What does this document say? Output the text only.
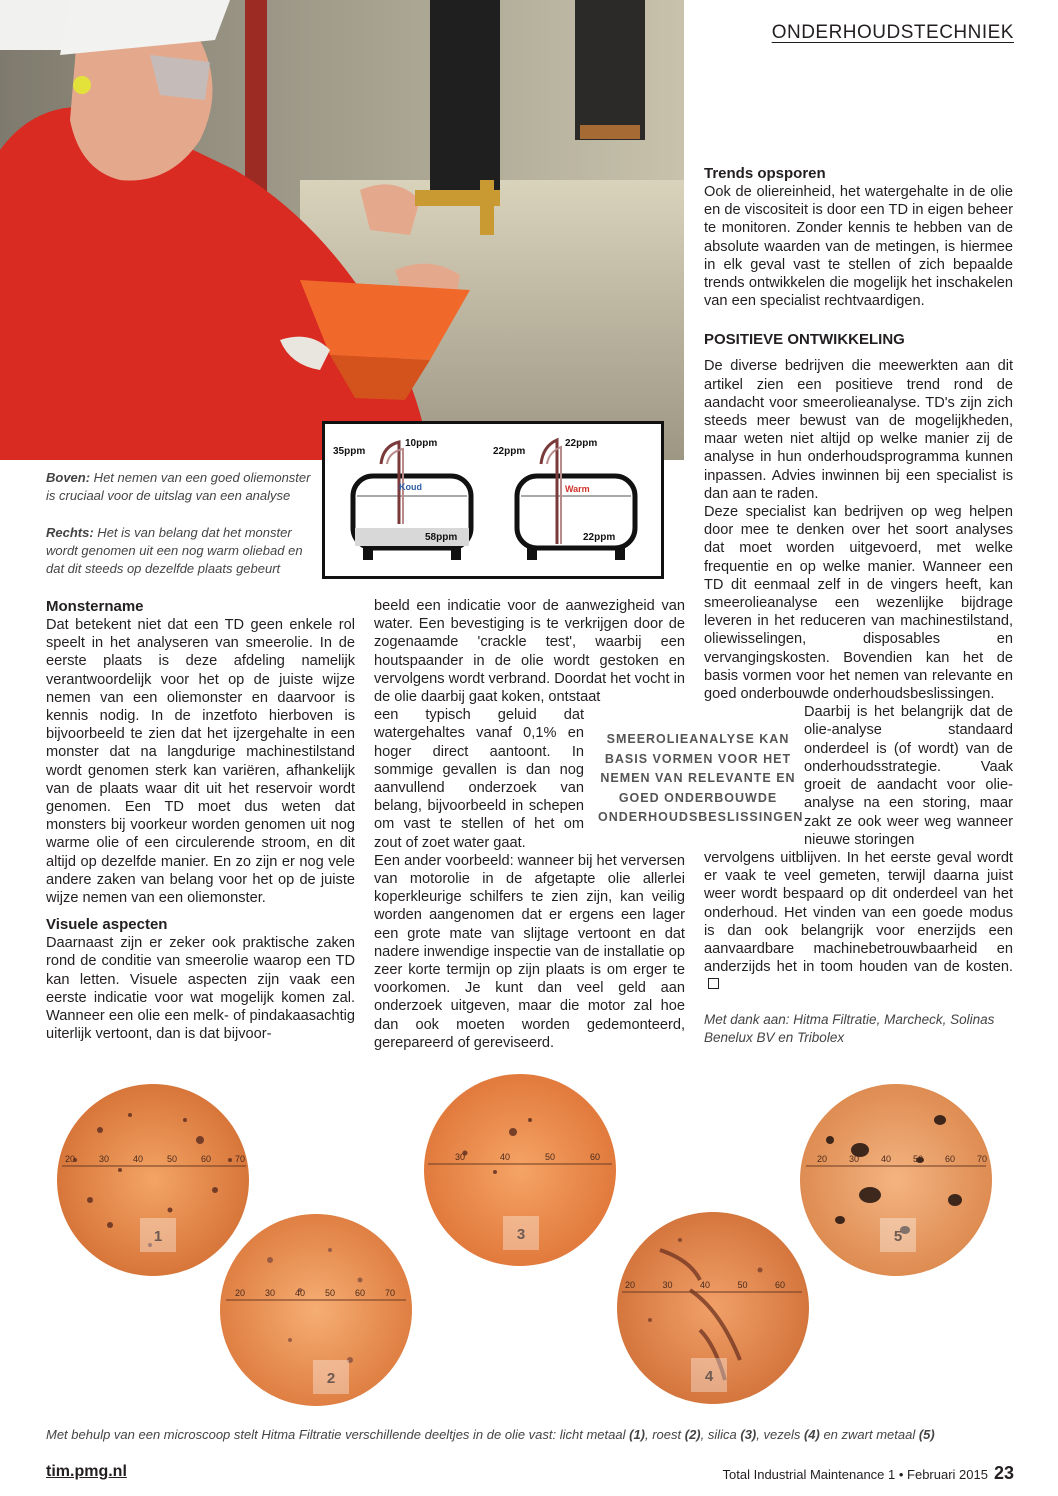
ONDERHOUDSTECHNIEK
Boven: Het nemen van een goed oliemonster is cruciaal voor de uitslag van een analyse
Rechts: Het is van belang dat het monster wordt genomen uit een nog warm oliebad en dat dit steeds op dezelfde plaats gebeurt
35ppm
10ppm
Koud
58ppm
22ppm
22ppm
Warm
22ppm
Monstername

Dat betekent niet dat een TD geen enkele rol speelt in het analyseren van smeerolie. In de eerste plaats is deze afdeling namelijk verantwoordelijk voor het op de juiste wijze nemen van een oliemonster en daarvoor is kennis nodig. In de inzetfoto hierboven is bijvoorbeeld te zien dat het ijzergehalte in een monster dat na langdurige machinestilstand wordt genomen sterk kan variëren, afhankelijk van de plaats waar dit uit het reservoir wordt genomen. Een TD moet dus weten dat monsters bij voorkeur worden genomen uit nog warme olie of een circulerende stroom, en dit altijd op dezelfde manier. En zo zijn er nog vele andere zaken van belang voor het op de juiste wijze nemen van een oliemonster.

Visuele aspecten

Daarnaast zijn er zeker ook praktische zaken rond de conditie van smeerolie waarop een TD kan letten. Visuele aspecten zijn vaak een eerste indicatie voor wat mogelijk komen zal. Wanneer een olie een melk- of pindakaasachtig uiterlijk vertoont, dan is dat bijvoor-

beeld een indicatie voor de aanwezigheid van water. Een bevestiging is te verkrijgen door de zogenaamde 'crackle test', waarbij een houtspaander in de olie wordt gestoken en vervolgens wordt verbrand. Doordat het vocht in de olie daarbij gaat koken, ontstaat

een typisch geluid dat watergehaltes vanaf 0,1% en hoger direct aantoont. In sommige gevallen is dan nog aanvullend onderzoek van belang, bijvoorbeeld in schepen om vast te stellen of het om zout of zoet water gaat.

Een ander voorbeeld: wanneer bij het verversen van motorolie in de afgetapte olie allerlei koperkleurige schilfers te zien zijn, kan veilig worden aangenomen dat er ergens een lager een grote mate van slijtage vertoont en dat nadere inwendige inspectie van de installatie op zeer korte termijn op zijn plaats is om erger te voorkomen. Je kunt dan veel geld aan onderzoek uitgeven, maar die motor zal hoe dan ook moeten worden gedemonteerd, gerepareerd of gereviseerd.

SMEEROLIEANALYSE KAN BASIS VORMEN VOOR HET NEMEN VAN RELEVANTE EN GOED ONDERBOUWDE ONDERHOUDSBESLISSINGEN
Trends opsporen

Ook de oliereinheid, het watergehalte in de olie en de viscositeit is door een TD in eigen beheer te monitoren. Zonder kennis te hebben van de absolute waarden van de metingen, is hiermee in elk geval vast te stellen of zich bepaalde trends ontwikkelen die mogelijk het inschakelen van een specialist rechtvaardigen.

POSITIEVE ONTWIKKELING

De diverse bedrijven die meewerkten aan dit artikel zien een positieve trend rond de aandacht voor smeerolieanalyse. TD's zijn zich steeds meer bewust van de mogelijkheden, maar weten niet altijd op welke manier zij de analyse in hun onderhoudsprogramma kunnen inpassen. Advies inwinnen bij een specialist is dan aan te raden.

Deze specialist kan bedrijven op weg helpen door mee te denken over het soort analyses dat moet worden uitgevoerd, met welke frequentie en op welke manier. Wanneer een TD dit eenmaal zelf in de vingers heeft, kan smeerolieanalyse een wezenlijke bijdrage leveren in het reduceren van machinestilstand, oliewisselingen, disposables en vervangingskosten. Bovendien kan het de basis vormen voor het nemen van relevante en goed onderbouwde onderhoudsbeslissingen.

Daarbij is het belangrijk dat de olie-analyse standaard onderdeel is (of wordt) van de onderhoudsstrategie. Vaak groeit de aandacht voor olie-analyse na een storing, maar zakt ze ook weer weg wanneer nieuwe storingen

vervolgens uitblijven. In het eerste geval wordt er vaak te veel gemeten, terwijl daarna juist weer wordt bespaard op dit onderdeel van het onderhoud. Het vinden van een goede modus is dan ook belangrijk voor enerzijds een aanvaardbare machinebetrouwbaarheid en anderzijds het in toom houden van de kosten.

Met dank aan: Hitma Filtratie, Marcheck, Solinas Benelux BV en Tribolex

1
2
3
4
5
20	30	40	50	60	70
20 30 40 50 60 70
30	40	50	60
20	30	40	50	60
20 30 40 50 60 70
Met behulp van een microscoop stelt Hitma Filtratie verschillende deeltjes in de olie vast: licht metaal (1), roest (2), silica (3), vezels (4) en zwart metaal (5)
tim.pmg.nl	Total Industrial Maintenance 1 • Februari 2015 23
